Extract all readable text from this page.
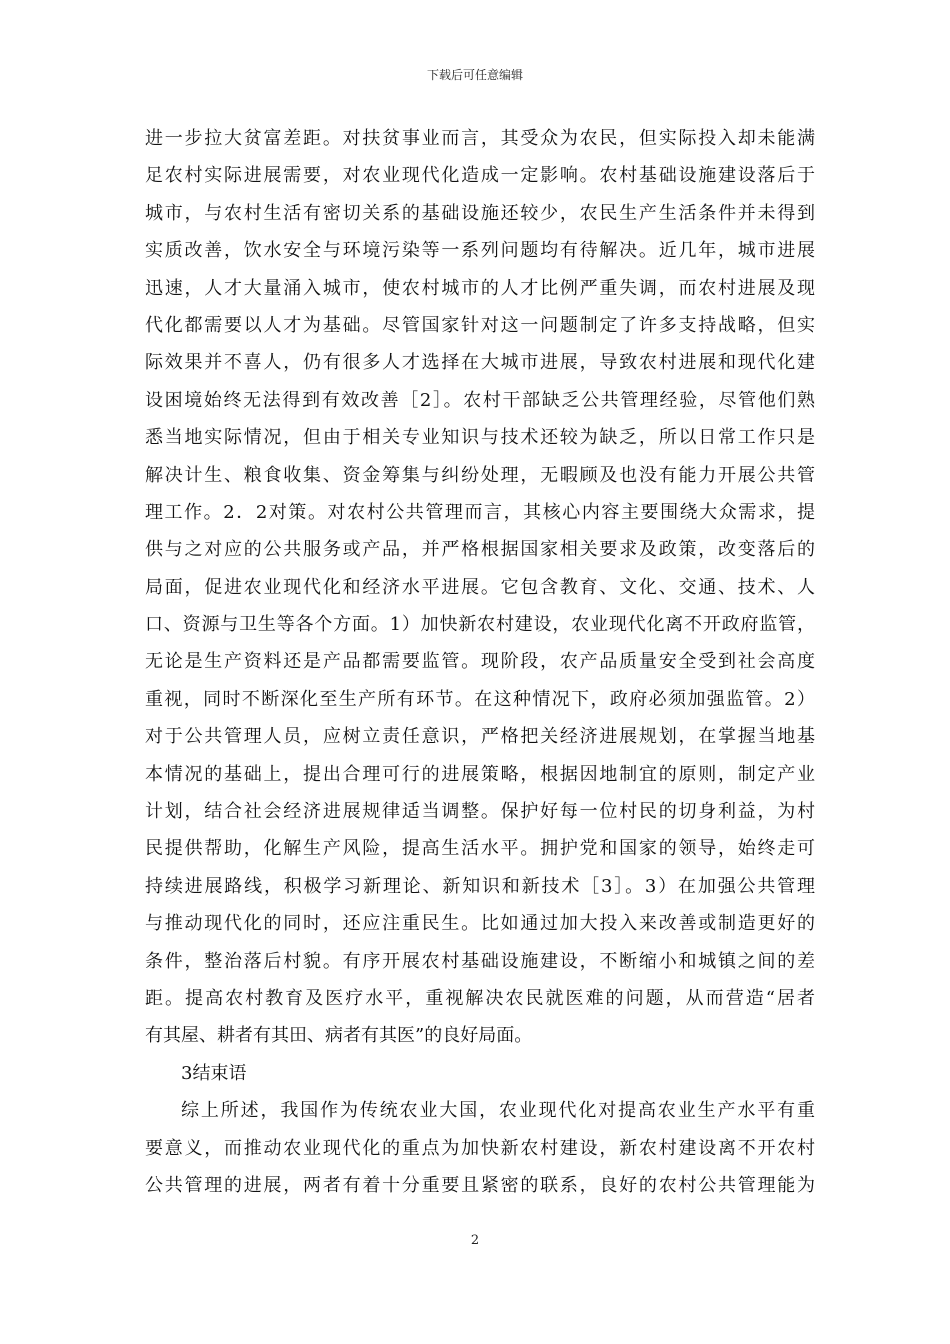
下载后可任意编辑
进一步拉大贫富差距。对扶贫事业而言，其受众为农民，但实际投入却未能满
足农村实际进展需要，对农业现代化造成一定影响。农村基础设施建设落后于
城市，与农村生活有密切关系的基础设施还较少，农民生产生活条件并未得到
实质改善，饮水安全与环境污染等一系列问题均有待解决。近几年，城市进展
迅速，人才大量涌入城市，使农村城市的人才比例严重失调，而农村进展及现
代化都需要以人才为基础。尽管国家针对这一问题制定了许多支持战略，但实
际效果并不喜人，仍有很多人才选择在大城市进展，导致农村进展和现代化建
设困境始终无法得到有效改善［2］。农村干部缺乏公共管理经验，尽管他们熟
悉当地实际情况，但由于相关专业知识与技术还较为缺乏，所以日常工作只是
解决计生、粮食收集、资金筹集与纠纷处理，无暇顾及也没有能力开展公共管
理工作。2．2对策。对农村公共管理而言，其核心内容主要围绕大众需求，提
供与之对应的公共服务或产品，并严格根据国家相关要求及政策，改变落后的
局面，促进农业现代化和经济水平进展。它包含教育、文化、交通、技术、人
口、资源与卫生等各个方面。1）加快新农村建设，农业现代化离不开政府监管，
无论是生产资料还是产品都需要监管。现阶段，农产品质量安全受到社会高度
重视，同时不断深化至生产所有环节。在这种情况下，政府必须加强监管。2）
对于公共管理人员，应树立责任意识，严格把关经济进展规划，在掌握当地基
本情况的基础上，提出合理可行的进展策略，根据因地制宜的原则，制定产业
计划，结合社会经济进展规律适当调整。保护好每一位村民的切身利益，为村
民提供帮助，化解生产风险，提高生活水平。拥护党和国家的领导，始终走可
持续进展路线，积极学习新理论、新知识和新技术［3］。3）在加强公共管理
与推动现代化的同时，还应注重民生。比如通过加大投入来改善或制造更好的
条件，整治落后村貌。有序开展农村基础设施建设，不断缩小和城镇之间的差
距。提高农村教育及医疗水平，重视解决农民就医难的问题，从而营造“居者
有其屋、耕者有其田、病者有其医”的良好局面。
3结束语
综上所述，我国作为传统农业大国，农业现代化对提高农业生产水平有重
要意义，而推动农业现代化的重点为加快新农村建设，新农村建设离不开农村
公共管理的进展，两者有着十分重要且紧密的联系，良好的农村公共管理能为
2
